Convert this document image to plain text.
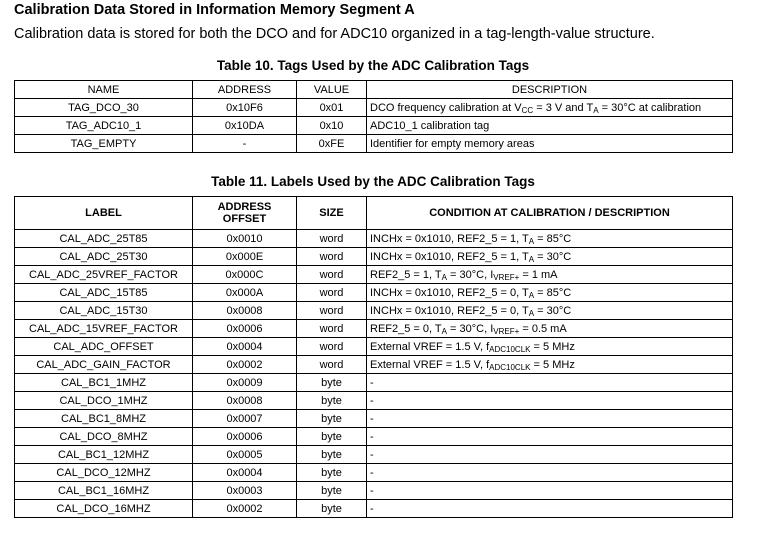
Calibration Data Stored in Information Memory Segment A
Calibration data is stored for both the DCO and for ADC10 organized in a tag-length-value structure.
Table 10. Tags Used by the ADC Calibration Tags
NAME	ADDRESS	VALUE	DESCRIPTION
TAG_DCO_30	0x10F6	0x01	DCO frequency calibration at $V_{CC} = 3$ V and $T_A = 30^\circ C$ at calibration
TAG_ADC10_1	0x10DA	0x10	ADC10_1 calibration tag
TAG_EMPTY	-	0xFE	Identifier for empty memory areas
Table 11. Labels Used by the ADC Calibration Tags
LABEL	ADDRESS OFFSET	SIZE	CONDITION AT CALIBRATION / DESCRIPTION
CAL_ADC_25T85	0x0010	word	INCHx = 0x1010, REF2_5 = 1, $T_A = 85^\circ C$
CAL_ADC_25T30	0x000E	word	INCHx = 0x1010, REF2_5 = 1, $T_A = 30^\circ C$
CAL_ADC_25VREF_FACTOR	0x000C	word	REF2_5 = 1, $T_A = 30^\circ C$, $I_{VREF+} = 1$ mA
CAL_ADC_15T85	0x000A	word	INCHx = 0x1010, REF2_5 = 0, $T_A = 85^\circ C$
CAL_ADC_15T30	0x0008	word	INCHx = 0x1010, REF2_5 = 0, $T_A = 30^\circ C$
CAL_ADC_15VREF_FACTOR	0x0006	word	REF2_5 = 0, $T_A = 30^\circ C$, $I_{VREF+} = 0.5$ mA
CAL_ADC_OFFSET	0x0004	word	External VREF = 1.5 V, $f_{ADC10CLK} = 5$ MHz
CAL_ADC_GAIN_FACTOR	0x0002	word	External VREF = 1.5 V, $f_{ADC10CLK} = 5$ MHz
CAL_BC1_1MHZ	0x0009	byte	-
CAL_DCO_1MHZ	0x0008	byte	-
CAL_BC1_8MHZ	0x0007	byte	-
CAL_DCO_8MHZ	0x0006	byte	-
CAL_BC1_12MHZ	0x0005	byte	-
CAL_DCO_12MHZ	0x0004	byte	-
CAL_BC1_16MHZ	0x0003	byte	-
CAL_DCO_16MHZ	0x0002	byte	-
